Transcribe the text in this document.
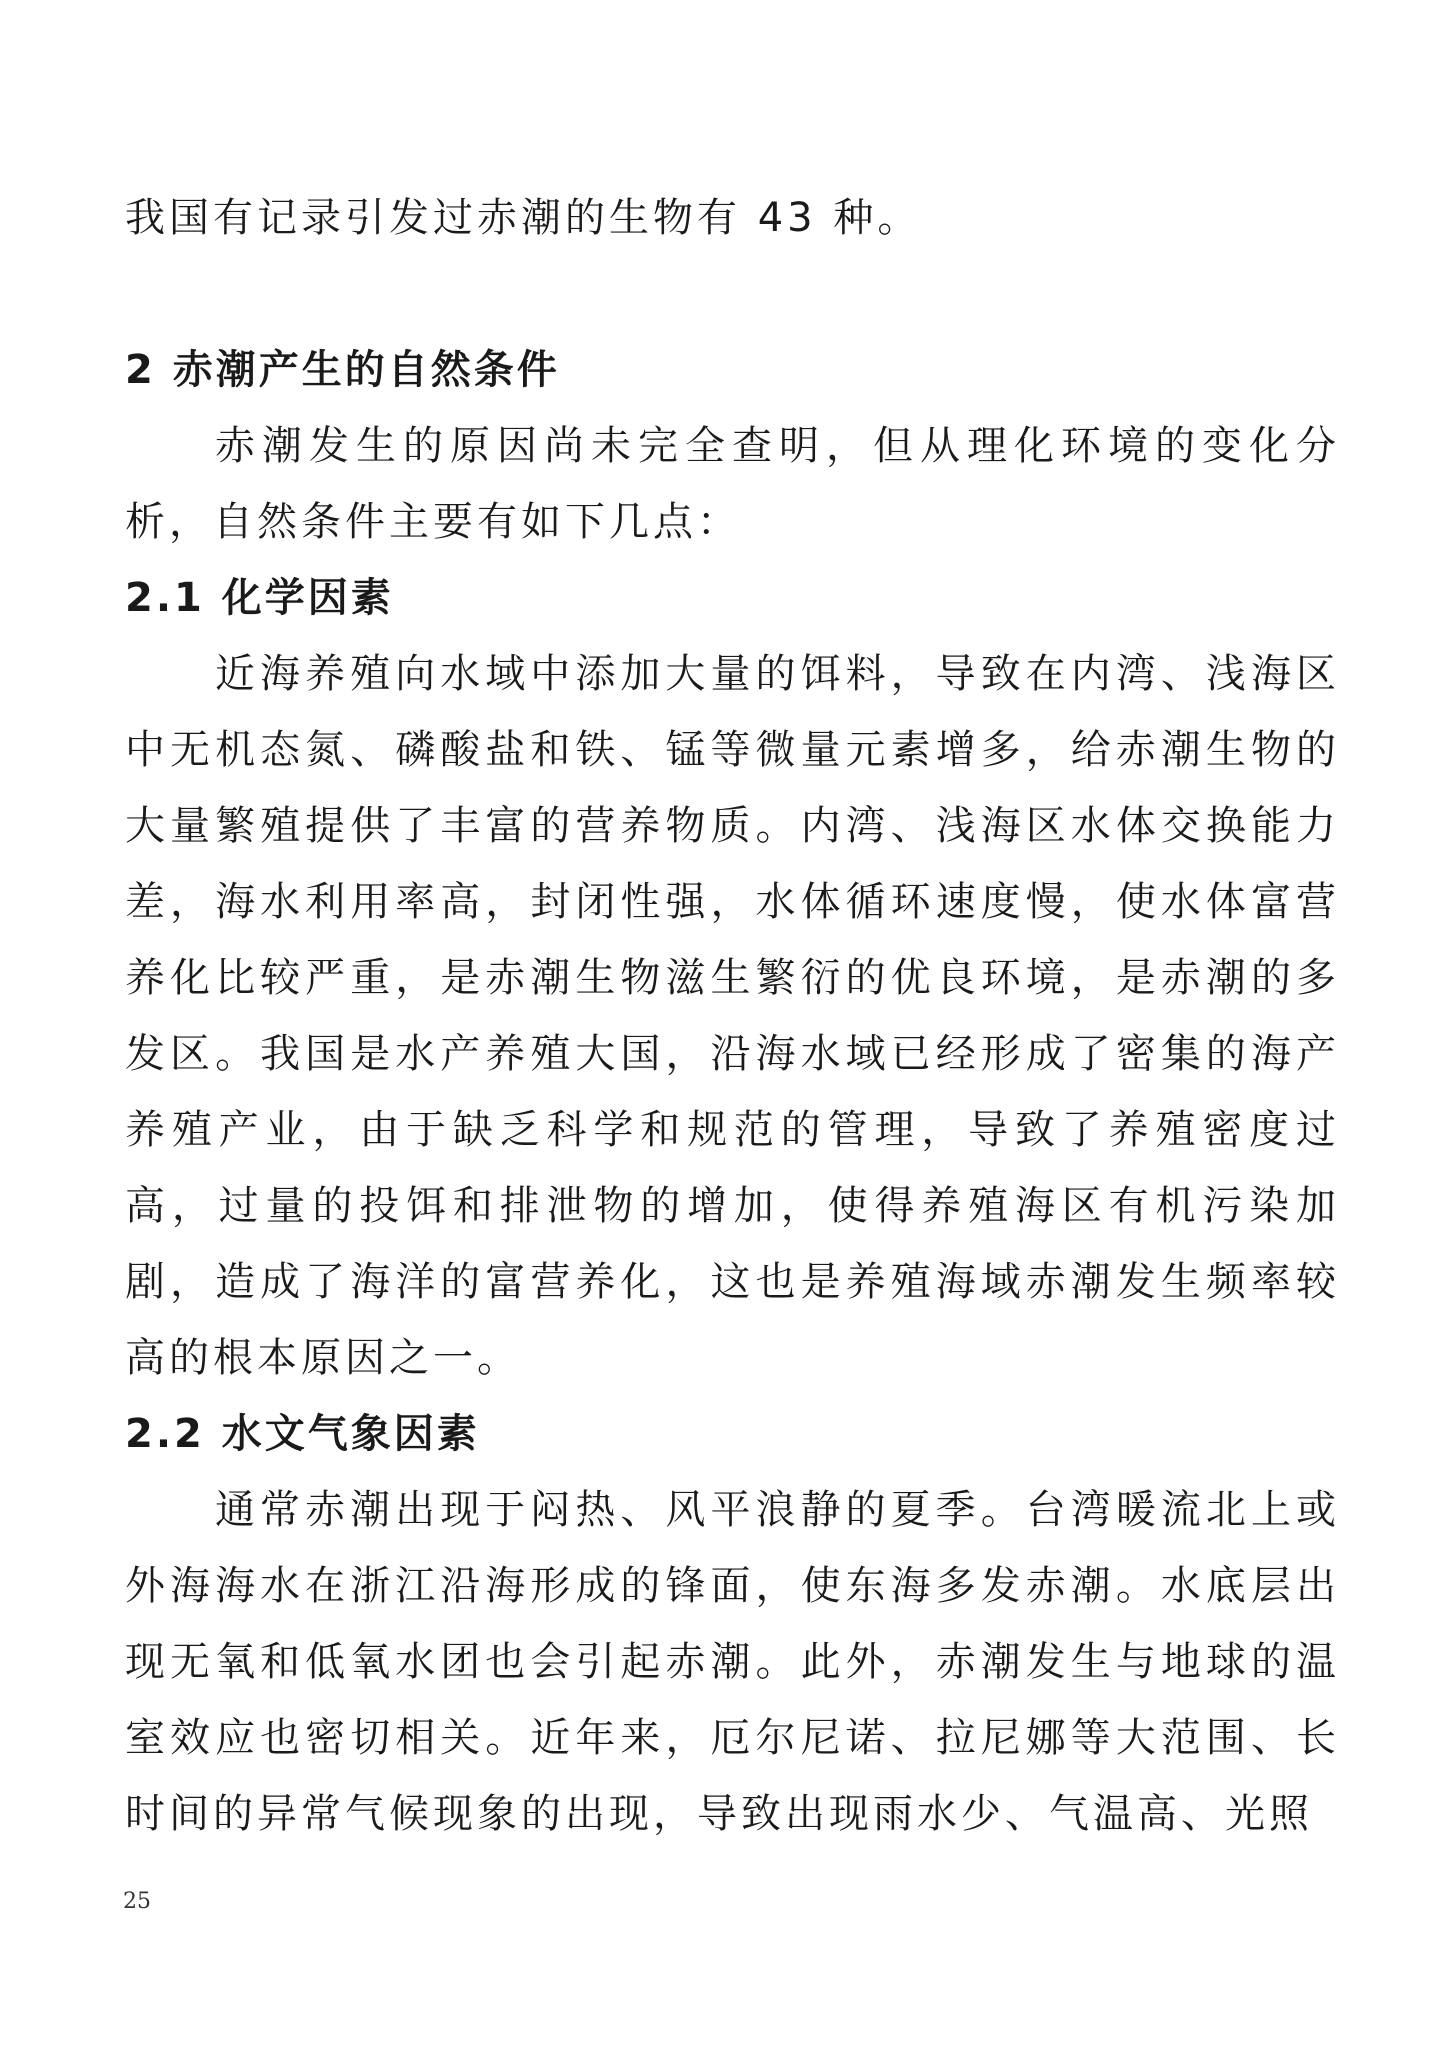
我国有记录引发过赤潮的生物有 43 种。

2 赤潮产生的自然条件

赤潮发生的原因尚未完全查明，但从理化环境的变化分析，自然条件主要有如下几点：

2.1 化学因素

近海养殖向水域中添加大量的饵料，导致在内湾、浅海区中无机态氮、磷酸盐和铁、锰等微量元素增多，给赤潮生物的大量繁殖提供了丰富的营养物质。内湾、浅海区水体交换能力差，海水利用率高，封闭性强，水体循环速度慢，使水体富营养化比较严重，是赤潮生物滋生繁衍的优良环境，是赤潮的多发区。我国是水产养殖大国，沿海水域已经形成了密集的海产养殖产业，由于缺乏科学和规范的管理，导致了养殖密度过高，过量的投饵和排泄物的增加，使得养殖海区有机污染加剧，造成了海洋的富营养化，这也是养殖海域赤潮发生频率较高的根本原因之一。

2.2 水文气象因素

通常赤潮出现于闷热、风平浪静的夏季。台湾暖流北上或外海海水在浙江沿海形成的锋面，使东海多发赤潮。水底层出现无氧和低氧水团也会引起赤潮。此外，赤潮发生与地球的温室效应也密切相关。近年来，厄尔尼诺、拉尼娜等大范围、长时间的异常气候现象的出现，导致出现雨水少、气温高、光照

25
